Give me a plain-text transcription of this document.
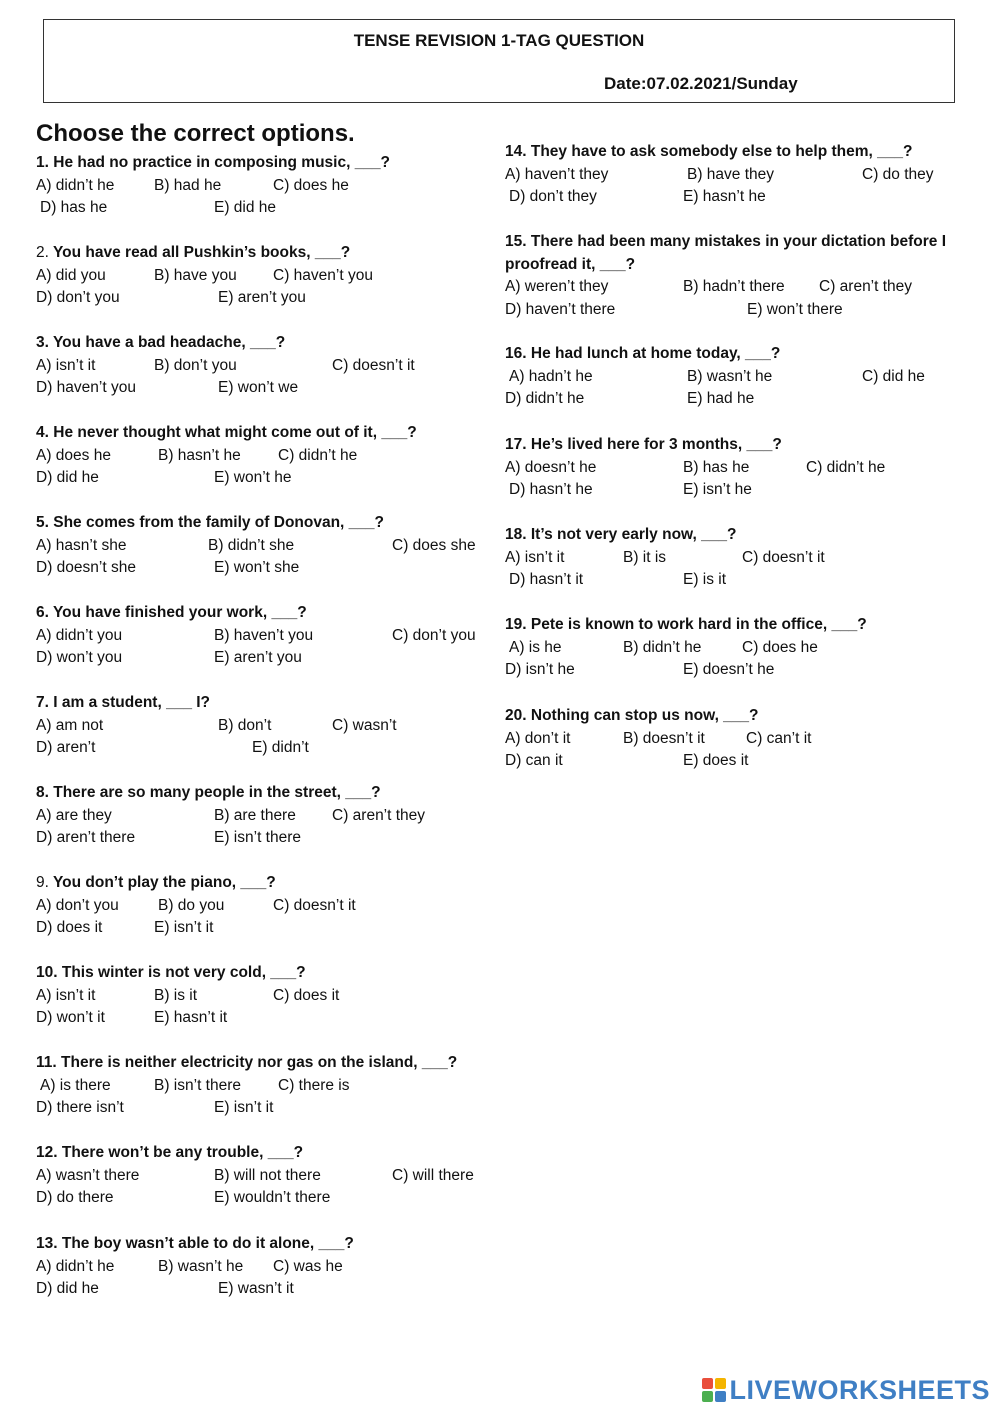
TENSE REVISION 1-TAG QUESTION
Date:07.02.2021/Sunday
Choose the correct options.
1. He had no practice in composing music, ___?
A) didn’t he	B) had he	C) does he
D) has he	E) did he
2. You have read all Pushkin’s books, ___?
A) did you	B) have you C) haven’t you
D) don’t you	E) aren’t you
3. You have a bad headache, ___?
A) isn’t it	B) don’t you	C) doesn’t it
D) haven’t you	E) won’t we
4. He never thought what might come out of it, ___?
A) does he	B) hasn’t he C) didn’t he
D) did he	E) won’t he
5. She comes from the family of Donovan, ___?
A) hasn’t she	B) didn’t she	C) does she
D) doesn’t she	E) won’t she
6. You have finished your work, ___?
A) didn’t you	B) haven’t you	C) don’t you
D) won’t you	E) aren’t you
7. I am a student, ___ I?
A) am not	B) don’t	C) wasn’t
D) aren’t	E) didn’t
8. There are so many people in the street, ___?
A) are they	B) are there C) aren’t they
D) aren’t there	E) isn’t there
9. You don’t play the piano, ___?
A) don’t you	B) do you	C) doesn’t it
D) does it	E) isn’t it
10. This winter is not very cold, ___?
A) isn’t it	B) is it	C) does it
D) won’t it	E) hasn’t it
11. There is neither electricity nor gas on the island, ___?
A) is there	B) isn’t there C) there is
D) there isn’t	E) isn’t it
12. There won’t be any trouble, ___?
A) wasn’t there	B) will not there	C) will there
D) do there	E) wouldn’t there
13. The boy wasn’t able to do it alone, ___?
A) didn’t he	B) wasn’t he C) was he
D) did he	E) wasn’t it
14. They have to ask somebody else to help them, ___?
A) haven’t they	B) have they	C) do they
D) don’t they	E) hasn’t he
15. There had been many mistakes in your dictation before I proofread it, ___?
A) weren’t they	B) hadn’t there C) aren’t they
D) haven’t there	E) won’t there
16. He had lunch at home today, ___?
A) hadn’t he	B) wasn’t he	C) did he
D) didn’t he	E) had he
17. He’s lived here for 3 months, ___?
A) doesn’t he	B) has he	C) didn’t he
D) hasn’t he	E) isn’t he
18. It’s not very early now, ___?
A) isn’t it	B) it is	C) doesn’t it
D) hasn’t it	E) is it
19. Pete is known to work hard in the office, ___?
A) is he	B) didn’t he	C) does he
D) isn’t he	E) doesn’t he
20. Nothing can stop us now, ___?
A) don’t it	B) doesn’t it	C) can’t it
D) can it	E) does it
LIVEWORKSHEETS
